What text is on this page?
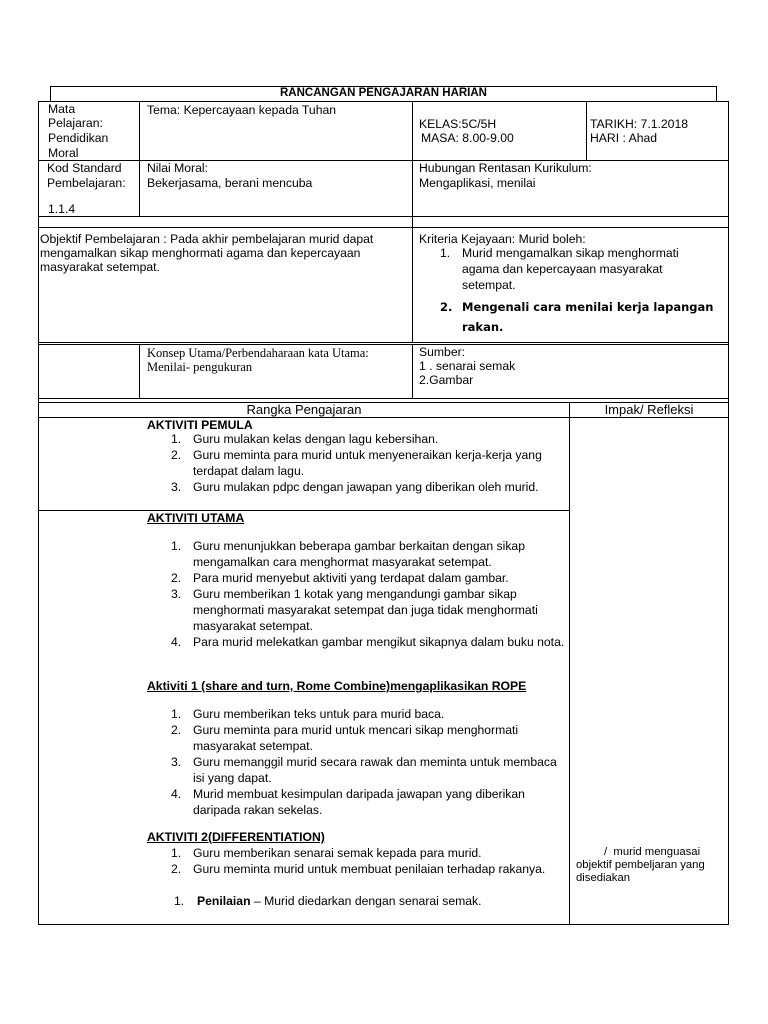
RANCANGAN PENGAJARAN HARIAN
Mata
Pelajaran:
Pendidikan
Moral
Tema: Kepercayaan kepada Tuhan
KELAS:5C/5H
MASA: 8.00-9.00
TARIKH: 7.1.2018
HARI : Ahad
Kod Standard
Pembelajaran:
1.1.4
Nilai Moral:
Bekerjasama, berani mencuba
Hubungan Rentasan Kurikulum:
Mengaplikasi, menilai
Objektif Pembelajaran : Pada akhir pembelajaran murid dapat
mengamalkan sikap menghormati agama dan kepercayaan
masyarakat setempat.
Kriteria Kejayaan: Murid boleh:
1. Murid mengamalkan sikap menghormati agama dan kepercayaan masyarakat setempat.
2. Mengenali cara menilai kerja lapangan rakan.
Konsep Utama/Perbendaharaan kata Utama:
Menilai- pengukuran
Sumber:
1 . senarai semak
2.Gambar
Rangka Pengajaran	Impak/ Refleksi
AKTIVITI PEMULA
1. Guru mulakan kelas dengan lagu kebersihan.
2. Guru meminta para murid untuk menyeneraikan kerja-kerja yang terdapat dalam lagu.
3. Guru mulakan pdpc dengan jawapan yang diberikan oleh murid.
AKTIVITI UTAMA
1. Guru menunjukkan beberapa gambar berkaitan dengan sikap mengamalkan cara menghormat masyarakat setempat.
2. Para murid menyebut aktiviti yang terdapat dalam gambar.
3. Guru memberikan 1 kotak yang mengandungi gambar sikap menghormati masyarakat setempat dan juga tidak menghormati masyarakat setempat.
4. Para murid melekatkan gambar mengikut sikapnya dalam buku nota.
Aktiviti 1 (share and turn, Rome Combine)mengaplikasikan ROPE
1. Guru memberikan teks untuk para murid baca.
2. Guru meminta para murid untuk mencari sikap menghormati masyarakat setempat.
3. Guru memanggil murid secara rawak dan meminta untuk membaca isi yang dapat.
4. Murid membuat kesimpulan daripada jawapan yang diberikan daripada rakan sekelas.
AKTIVITI 2(DIFFERENTIATION)
1. Guru memberikan senarai semak kepada para murid.
2. Guru meminta murid untuk membuat penilaian terhadap rakanya.
1. Penilaian – Murid diedarkan dengan senarai semak.
/ murid menguasai
objektif pembeljaran yang
disediakan
